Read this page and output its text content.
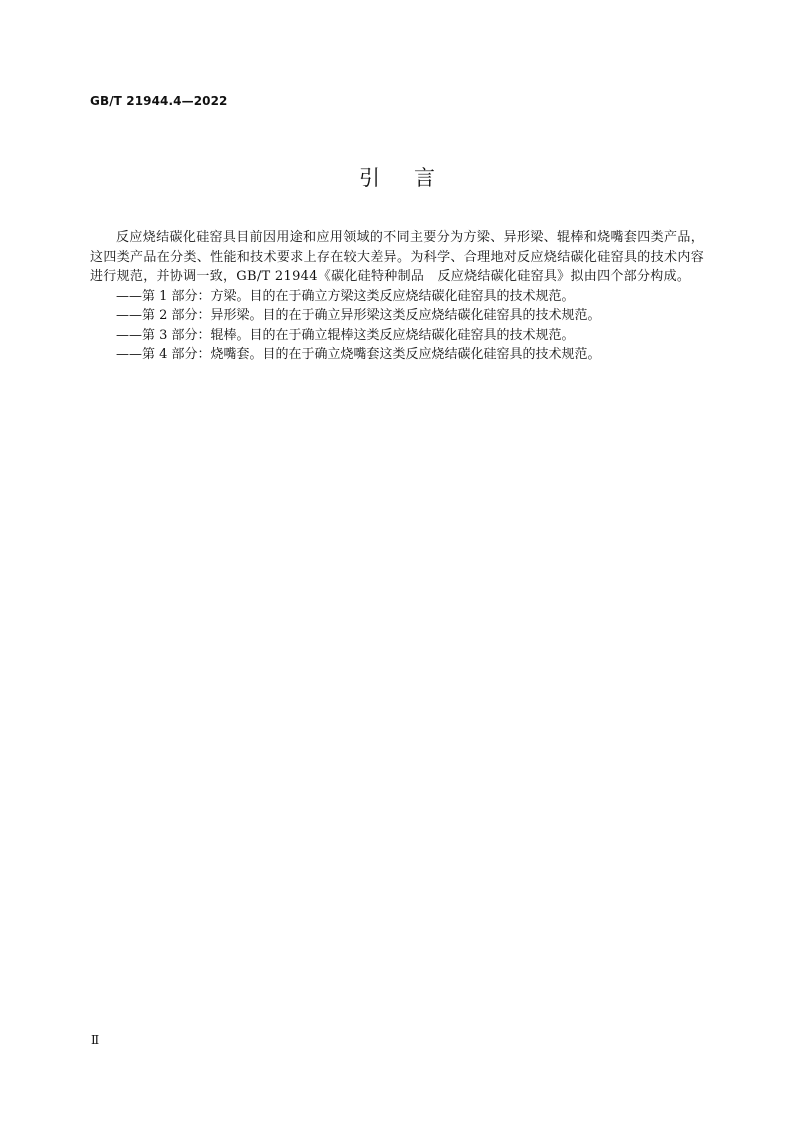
GB/T 21944.4—2022
引言

反应烧结碳化硅窑具目前因用途和应用领域的不同主要分为方梁、异形梁、辊棒和烧嘴套四类产品，这四类产品在分类、性能和技术要求上存在较大差异。为科学、合理地对反应烧结碳化硅窑具的技术内容进行规范，并协调一致，GB/T 21944《碳化硅特种制品　反应烧结碳化硅窑具》拟由四个部分构成。

——第 1 部分：方梁。目的在于确立方梁这类反应烧结碳化硅窑具的技术规范。

——第 2 部分：异形梁。目的在于确立异形梁这类反应烧结碳化硅窑具的技术规范。

——第 3 部分：辊棒。目的在于确立辊棒这类反应烧结碳化硅窑具的技术规范。

——第 4 部分：烧嘴套。目的在于确立烧嘴套这类反应烧结碳化硅窑具的技术规范。

Ⅱ
